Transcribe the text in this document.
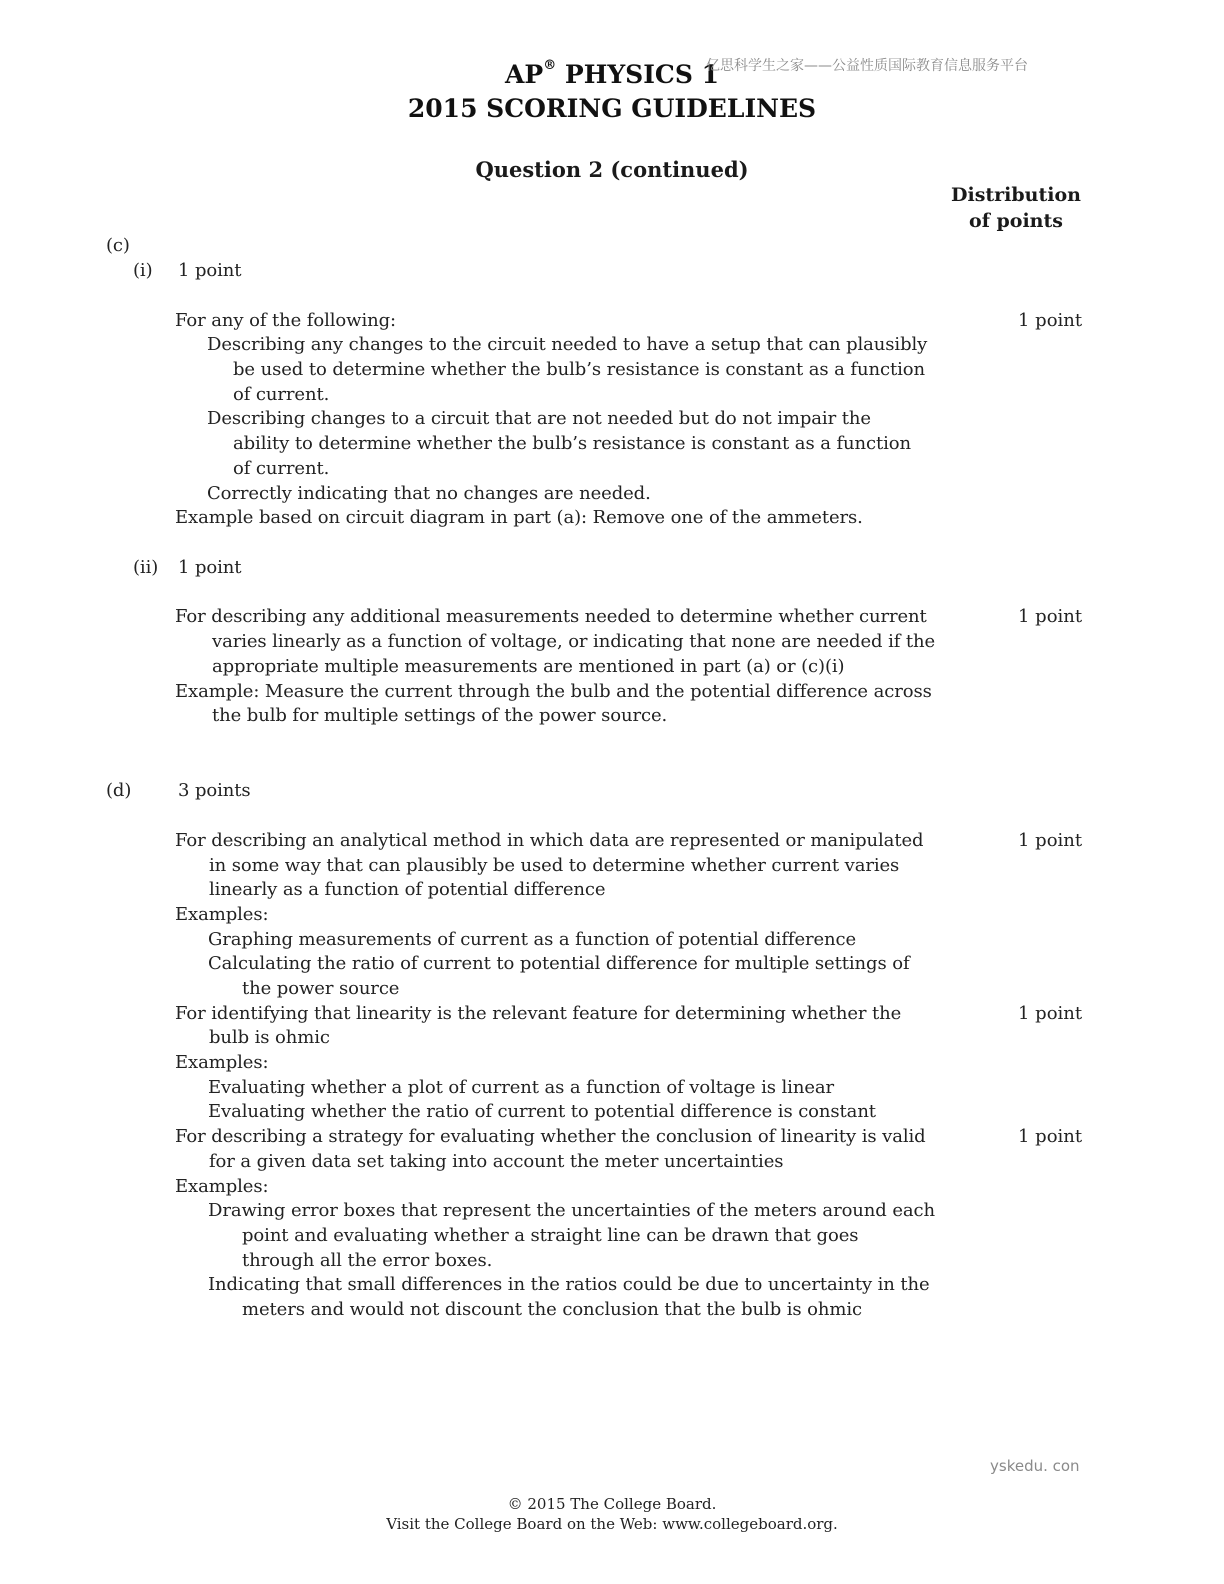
AP® PHYSICS 1
亿思科学生之家——公益性质国际教育信息服务平台
2015 SCORING GUIDELINES
Question 2 (continued)
Distribution
of points
(c)
(i) 1 point
For any of the following:
Describing any changes to the circuit needed to have a setup that can plausibly
be used to determine whether the bulb’s resistance is constant as a function
of current.
Describing changes to a circuit that are not needed but do not impair the
ability to determine whether the bulb’s resistance is constant as a function
of current.
Correctly indicating that no changes are needed.
Example based on circuit diagram in part (a): Remove one of the ammeters.
1 point
(ii) 1 point
For describing any additional measurements needed to determine whether current
varies linearly as a function of voltage, or indicating that none are needed if the
appropriate multiple measurements are mentioned in part (a) or (c)(i)
Example: Measure the current through the bulb and the potential difference across
the bulb for multiple settings of the power source.
1 point
(d)	3 points
For describing an analytical method in which data are represented or manipulated
in some way that can plausibly be used to determine whether current varies
linearly as a function of potential difference
Examples:
Graphing measurements of current as a function of potential difference
Calculating the ratio of current to potential difference for multiple settings of
the power source
For identifying that linearity is the relevant feature for determining whether the
bulb is ohmic
Examples:
Evaluating whether a plot of current as a function of voltage is linear
Evaluating whether the ratio of current to potential difference is constant
For describing a strategy for evaluating whether the conclusion of linearity is valid
for a given data set taking into account the meter uncertainties
Examples:
Drawing error boxes that represent the uncertainties of the meters around each
point and evaluating whether a straight line can be drawn that goes
through all the error boxes.
Indicating that small differences in the ratios could be due to uncertainty in the
meters and would not discount the conclusion that the bulb is ohmic
1 point
1 point
1 point
yskedu. con
© 2015 The College Board.
Visit the College Board on the Web: www.collegeboard.org.
